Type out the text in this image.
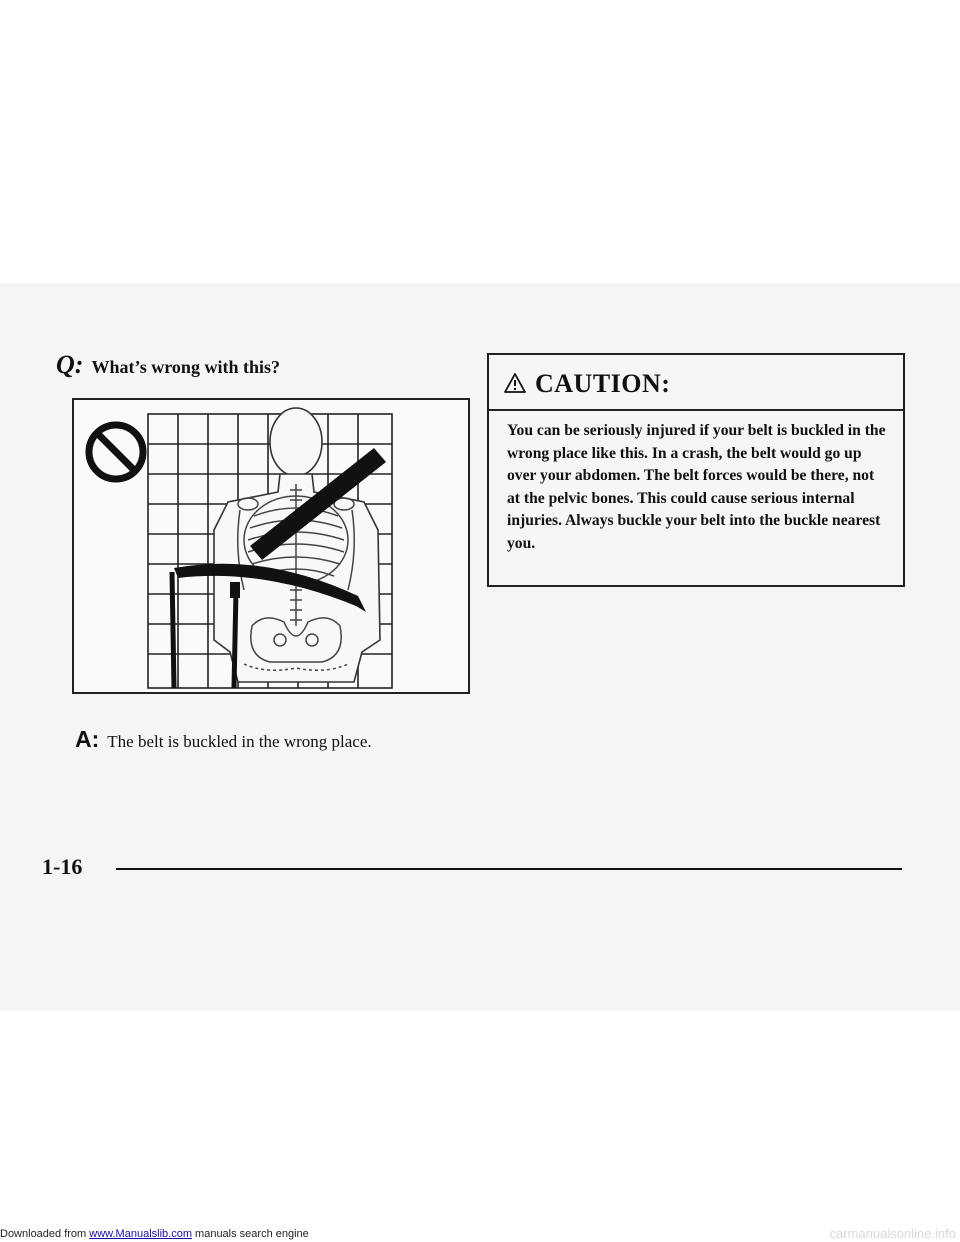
Q: What’s wrong with this?
A: The belt is buckled in the wrong place.
CAUTION:
You can be seriously injured if your belt is buckled in the wrong place like this. In a crash, the belt would go up over your abdomen. The belt forces would be there, not at the pelvic bones. This could cause serious internal injuries. Always buckle your belt into the buckle nearest you.
1-16
Downloaded from www.Manualslib.com manuals search engine	carmanualsonline.info
